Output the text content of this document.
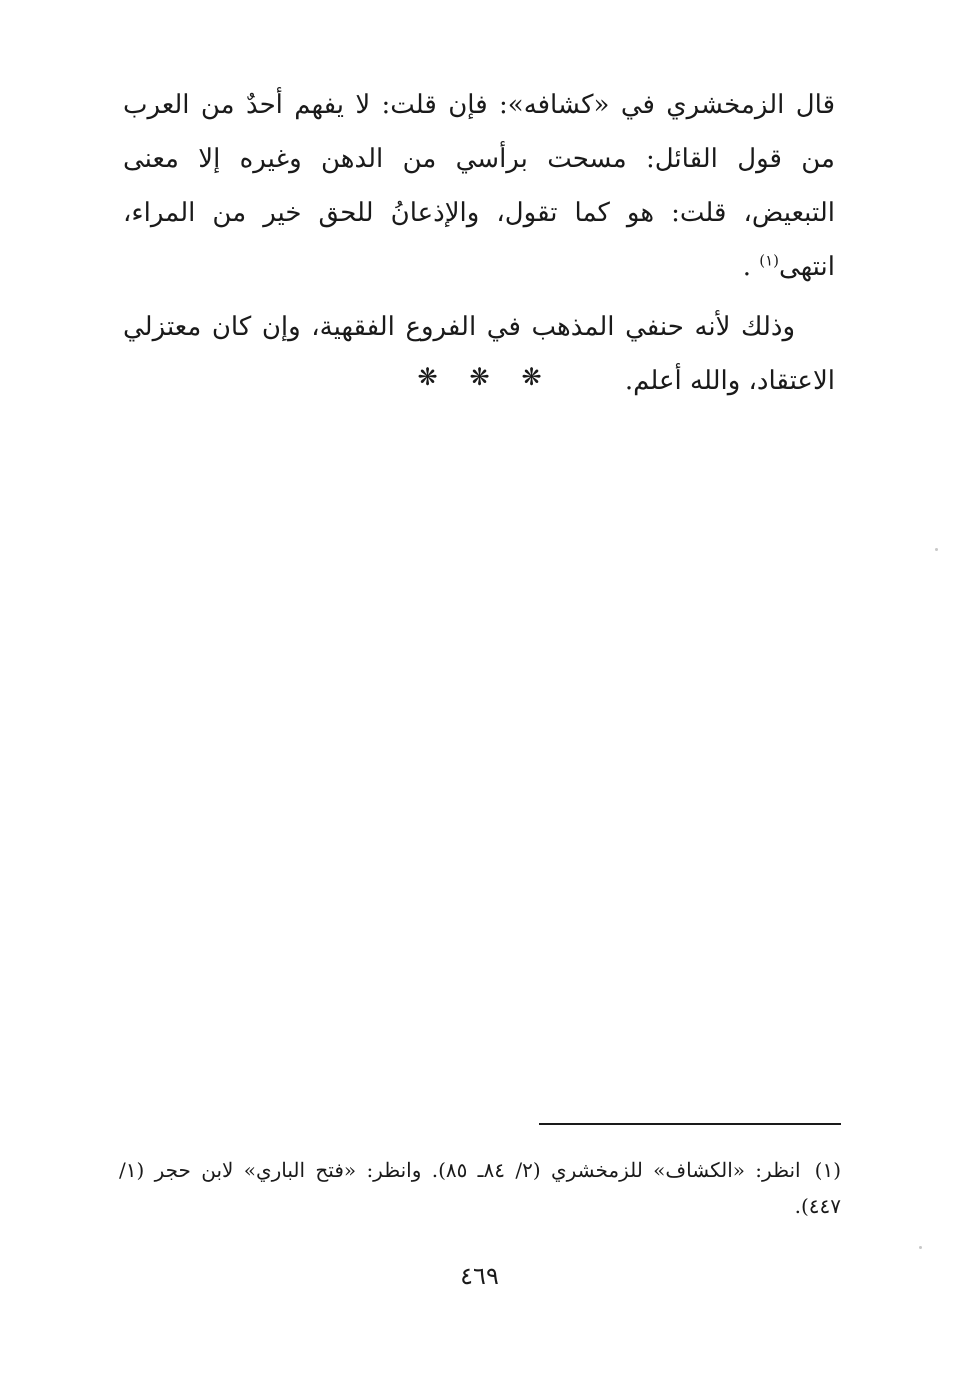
قال الزمخشري في «كشافه»: فإن قلت: لا يفهم أحدٌ من العرب من قول القائل: مسحت برأسي من الدهن وغيره إلا معنى التبعيض، قلت: هو كما تقول، والإذعانُ للحق خير من المراء، انتهى$^{(١)}$ .

وذلك لأنه حنفي المذهب في الفروع الفقهية، وإن كان معتزلي الاعتقاد، والله أعلم.

❋ ❋ ❋

(١)انظر: «الكشاف» للزمخشري (٢/ ٨٤ـ ٨٥). وانظر: «فتح الباري» لابن حجر (١/ ٤٤٧).

٤٦٩
